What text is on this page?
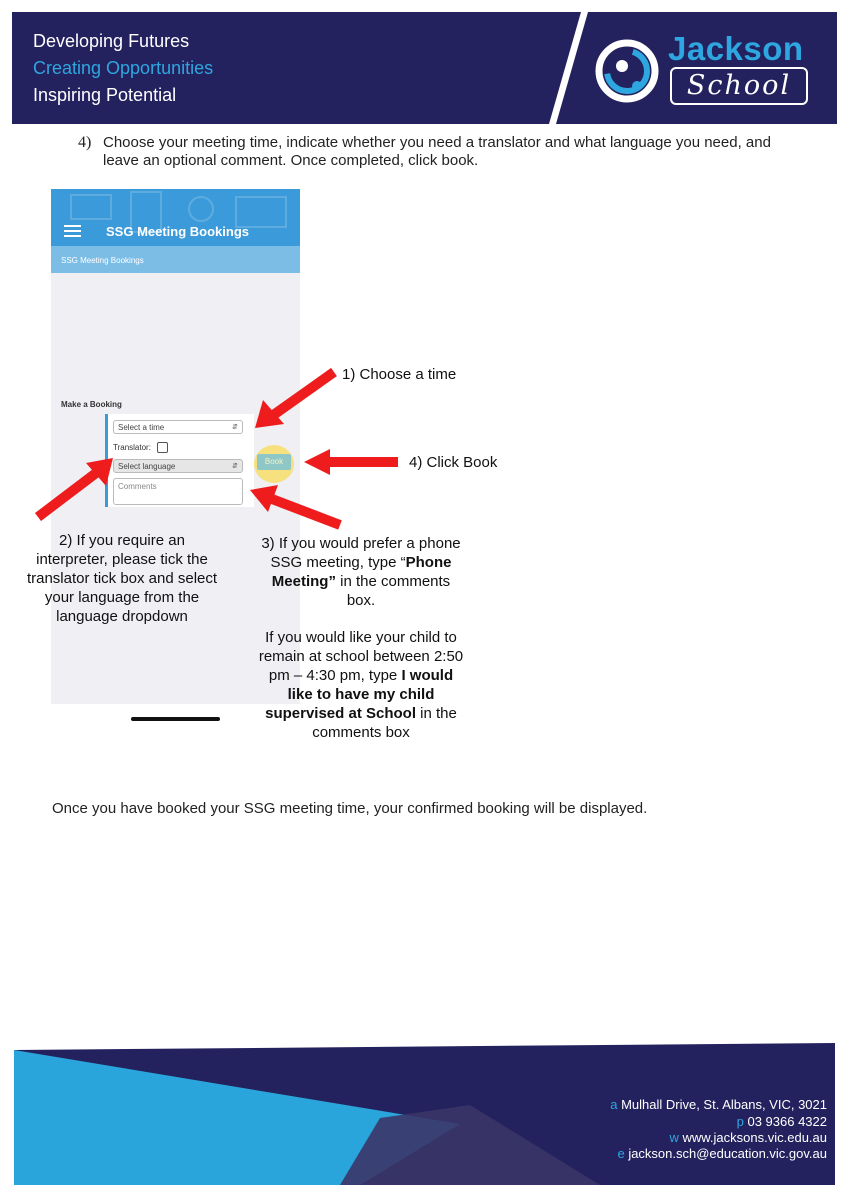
Developing Futures
Creating Opportunities
Inspiring Potential
Jackson
School
4) Choose your meeting time, indicate whether you need a translator and what language you need, and leave an optional comment. Once completed, click book.
SSG Meeting Bookings
SSG Meeting Bookings
Make a Booking
Select a time	⇵
Translator:
Select language	⇵
Comments
Book
1) Choose a time
4) Click Book
2) If you require an interpreter, please tick the translator tick box and select your language from the language dropdown
3) If you would prefer a phone SSG meeting, type “Phone Meeting” in the comments box.
If you would like your child to remain at school between 2:50 pm – 4:30 pm, type I would like to have my child supervised at School in the comments box
Once you have booked your SSG meeting time, your confirmed booking will be displayed.
a Mulhall Drive, St. Albans, VIC, 3021
p 03 9366 4322
w www.jacksons.vic.edu.au
e jackson.sch@education.vic.gov.au
